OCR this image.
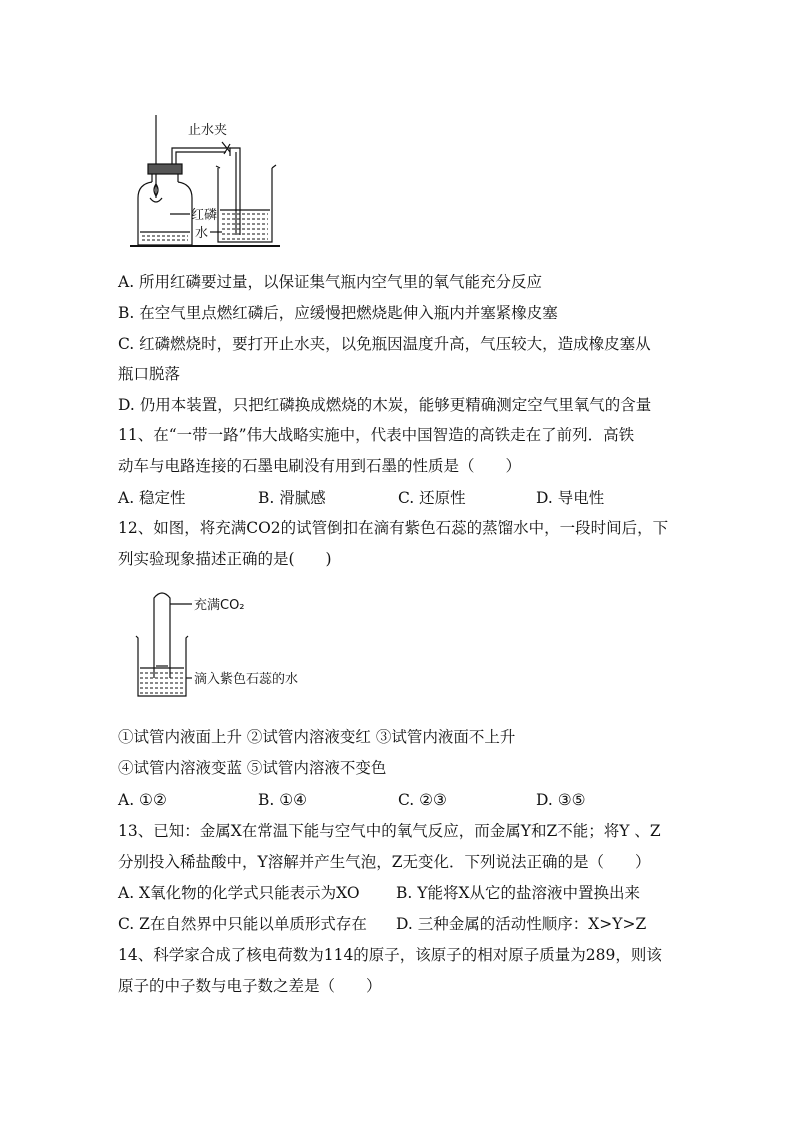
止水夹
红磷
水
A. 所用红磷要过量，以保证集气瓶内空气里的氧气能充分反应
B. 在空气里点燃红磷后，应缓慢把燃烧匙伸入瓶内并塞紧橡皮塞
C. 红磷燃烧时，要打开止水夹，以免瓶因温度升高，气压较大，造成橡皮塞从
瓶口脱落
D. 仍用本装置，只把红磷换成燃烧的木炭，能够更精确测定空气里氧气的含量
11、在“一带一路”伟大战略实施中，代表中国智造的高铁走在了前列．高铁
动车与电路连接的石墨电刷没有用到石墨的性质是（　　）
A. 稳定性	B. 滑腻感	C. 还原性	D. 导电性
12、如图，将充满CO2的试管倒扣在滴有紫色石蕊的蒸馏水中，一段时间后，下
列实验现象描述正确的是(　　)
充满CO₂
滴入紫色石蕊的水
①试管内液面上升 ②试管内溶液变红 ③试管内液面不上升
④试管内溶液变蓝 ⑤试管内溶液不变色
A. ①②	B. ①④	C. ②③	D. ③⑤
13、已知：金属X在常温下能与空气中的氧气反应，而金属Y和Z不能；将Y 、Z
分别投入稀盐酸中，Y溶解并产生气泡，Z无变化．下列说法正确的是（　　）
A. X氧化物的化学式只能表示为XO B. Y能将X从它的盐溶液中置换出来
C. Z在自然界中只能以单质形式存在 D. 三种金属的活动性顺序：X>Y>Z
14、科学家合成了核电荷数为114的原子，该原子的相对原子质量为289，则该
原子的中子数与电子数之差是（　　）
